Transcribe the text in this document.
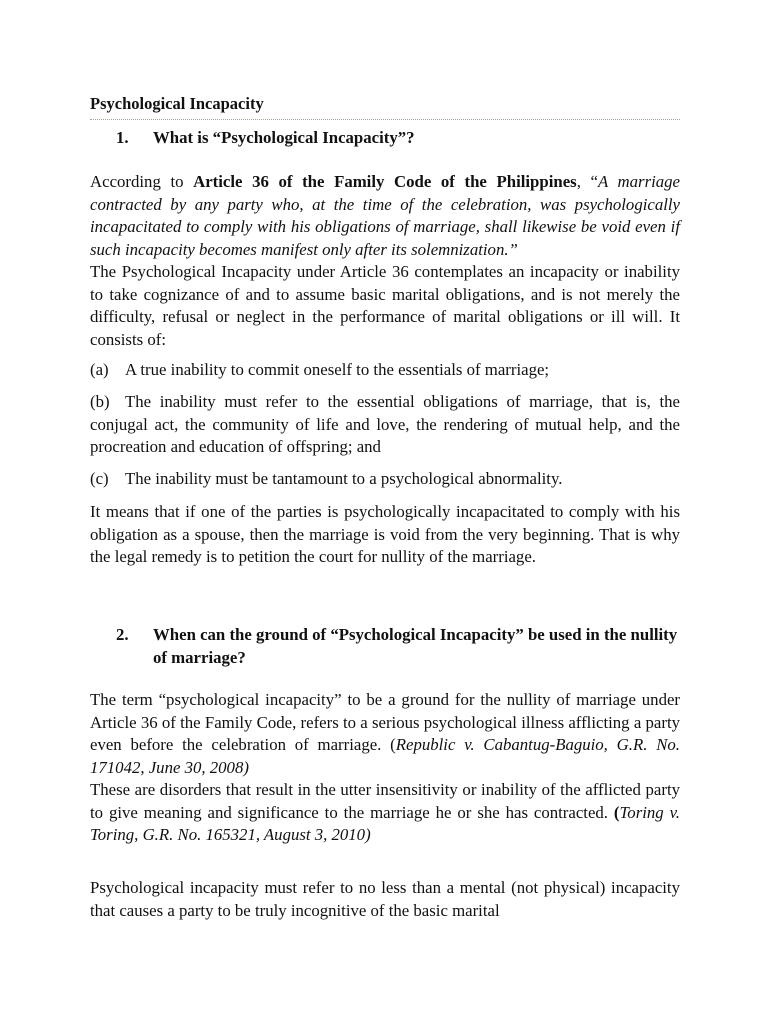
Psychological Incapacity
1. What is “Psychological Incapacity”?

According to Article 36 of the Family Code of the Philippines, “A marriage contracted by any party who, at the time of the celebration, was psychologically incapacitated to comply with his obligations of marriage, shall likewise be void even if such incapacity becomes manifest only after its solemnization.”

The Psychological Incapacity under Article 36 contemplates an incapacity or inability to take cognizance of and to assume basic marital obligations, and is not merely the difficulty, refusal or neglect in the performance of marital obligations or ill will. It consists of:
(a) A true inability to commit oneself to the essentials of marriage;
(b) The inability must refer to the essential obligations of marriage, that is, the conjugal act, the community of life and love, the rendering of mutual help, and the procreation and education of offspring; and
(c) The inability must be tantamount to a psychological abnormality.
It means that if one of the parties is psychologically incapacitated to comply with his obligation as a spouse, then the marriage is void from the very beginning. That is why the legal remedy is to petition the court for nullity of the marriage.
2. When can the ground of “Psychological Incapacity” be used in the nullity of marriage?

The term “psychological incapacity” to be a ground for the nullity of marriage under Article 36 of the Family Code, refers to a serious psychological illness afflicting a party even before the celebration of marriage. (Republic v. Cabantug-Baguio, G.R. No. 171042, June 30, 2008)

These are disorders that result in the utter insensitivity or inability of the afflicted party to give meaning and significance to the marriage he or she has contracted. (Toring v. Toring, G.R. No. 165321, August 3, 2010)

Psychological incapacity must refer to no less than a mental (not physical) incapacity that causes a party to be truly incognitive of the basic marital
